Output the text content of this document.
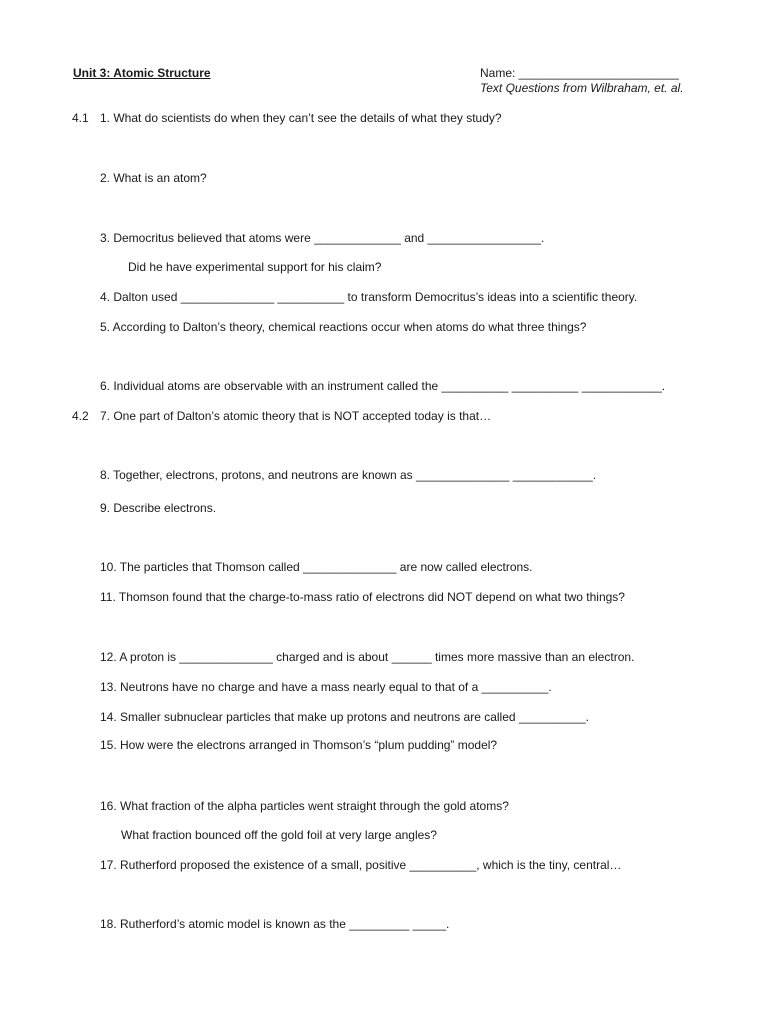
Unit 3: Atomic Structure	Name: ________________________
Text Questions from Wilbraham, et. al.
4.1 1. What do scientists do when they can’t see the details of what they study?
2. What is an atom?
3. Democritus believed that atoms were _____________ and _________________.
Did he have experimental support for his claim?
4. Dalton used ______________ __________ to transform Democritus’s ideas into a scientific theory.
5. According to Dalton’s theory, chemical reactions occur when atoms do what three things?
6. Individual atoms are observable with an instrument called the __________ __________ ____________.
4.2 7. One part of Dalton’s atomic theory that is NOT accepted today is that…
8. Together, electrons, protons, and neutrons are known as ______________ ____________.
9. Describe electrons.
10. The particles that Thomson called ______________ are now called electrons.
11. Thomson found that the charge-to-mass ratio of electrons did NOT depend on what two things?
12. A proton is ______________ charged and is about ______ times more massive than an electron.
13. Neutrons have no charge and have a mass nearly equal to that of a __________.
14. Smaller subnuclear particles that make up protons and neutrons are called __________.
15. How were the electrons arranged in Thomson’s “plum pudding” model?
16. What fraction of the alpha particles went straight through the gold atoms?
What fraction bounced off the gold foil at very large angles?
17. Rutherford proposed the existence of a small, positive __________, which is the tiny, central…
18. Rutherford’s atomic model is known as the _________ _____.
